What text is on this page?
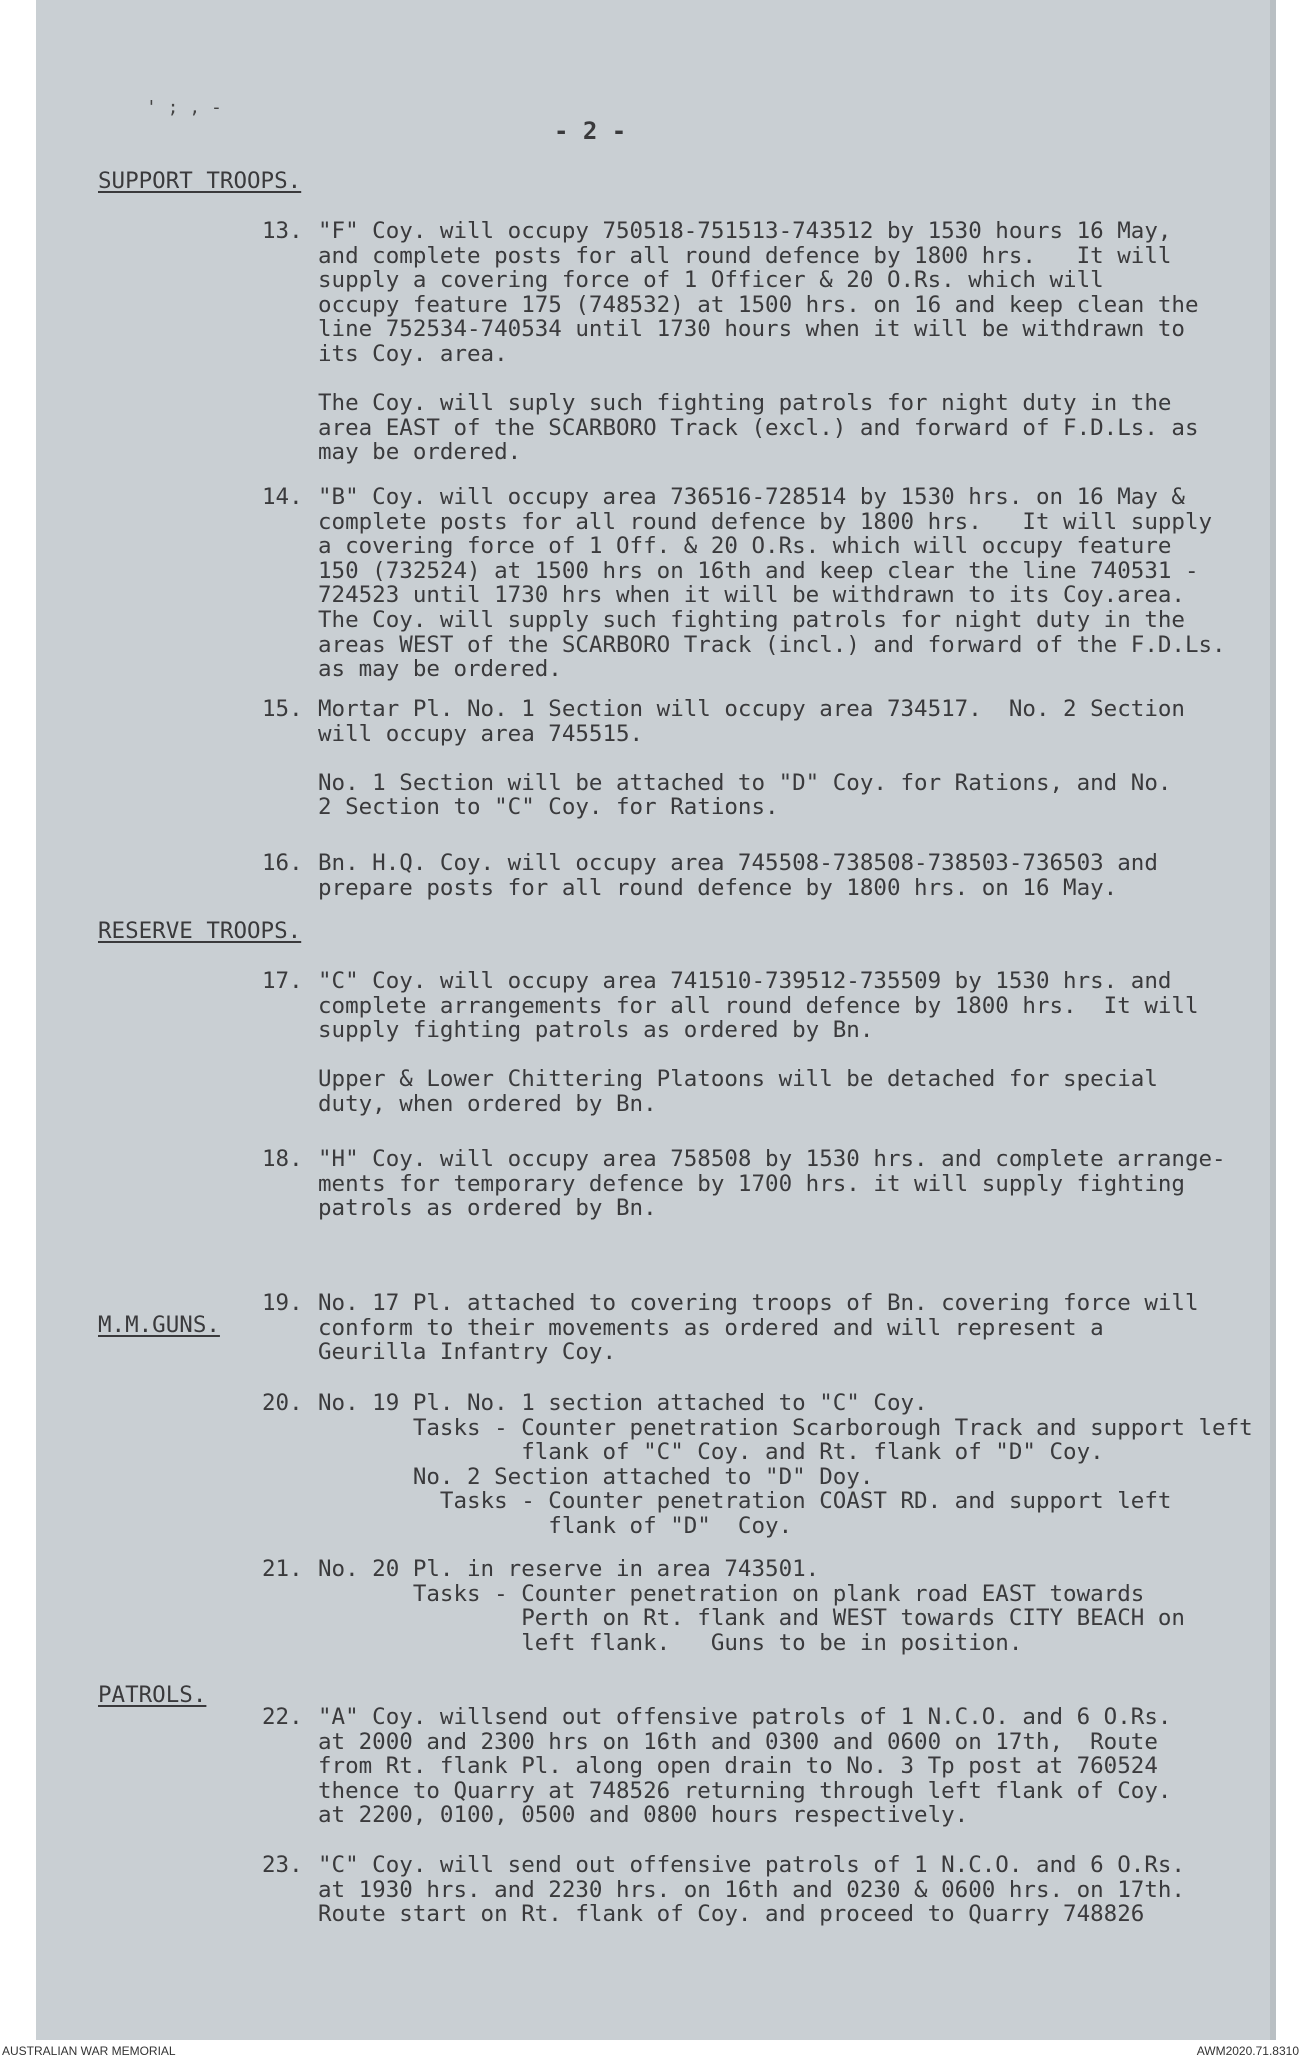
' ; , -
- 2 -
SUPPORT TROOPS.
13. "F" Coy. will occupy 750518-751513-743512 by 1530 hours 16 May,
and complete posts for all round defence by 1800 hrs.   It will
supply a covering force of 1 Officer & 20 O.Rs. which will
occupy feature 175 (748532) at 1500 hrs. on 16 and keep clean the
line 752534-740534 until 1730 hours when it will be withdrawn to
its Coy. area.
The Coy. will suply such fighting patrols for night duty in the
area EAST of the SCARBORO Track (excl.) and forward of F.D.Ls. as
may be ordered.
14. "B" Coy. will occupy area 736516-728514 by 1530 hrs. on 16 May &
complete posts for all round defence by 1800 hrs.   It will supply
a covering force of 1 Off. & 20 O.Rs. which will occupy feature
150 (732524) at 1500 hrs on 16th and keep clear the line 740531 -
724523 until 1730 hrs when it will be withdrawn to its Coy.area.
The Coy. will supply such fighting patrols for night duty in the
areas WEST of the SCARBORO Track (incl.) and forward of the F.D.Ls.
as may be ordered.
15. Mortar Pl. No. 1 Section will occupy area 734517.  No. 2 Section
will occupy area 745515.
No. 1 Section will be attached to "D" Coy. for Rations, and No.
2 Section to "C" Coy. for Rations.
16. Bn. H.Q. Coy. will occupy area 745508-738508-738503-736503 and
prepare posts for all round defence by 1800 hrs. on 16 May.
RESERVE TROOPS.
17. "C" Coy. will occupy area 741510-739512-735509 by 1530 hrs. and
complete arrangements for all round defence by 1800 hrs.  It will
supply fighting patrols as ordered by Bn.
Upper & Lower Chittering Platoons will be detached for special
duty, when ordered by Bn.
18. "H" Coy. will occupy area 758508 by 1530 hrs. and complete arrange-
ments for temporary defence by 1700 hrs. it will supply fighting
patrols as ordered by Bn.
M.M.GUNS.
19. No. 17 Pl. attached to covering troops of Bn. covering force will
conform to their movements as ordered and will represent a
Geurilla Infantry Coy.
20. No. 19 Pl. No. 1 section attached to "C" Coy.
Tasks - Counter penetration Scarborough Track and support left
flank of "C" Coy. and Rt. flank of "D" Coy.
No. 2 Section attached to "D" Doy.
Tasks - Counter penetration COAST RD. and support left
flank of "D"  Coy.
21. No. 20 Pl. in reserve in area 743501.
Tasks - Counter penetration on plank road EAST towards
Perth on Rt. flank and WEST towards CITY BEACH on
left flank.   Guns to be in position.
PATROLS.
22. "A" Coy. willsend out offensive patrols of 1 N.C.O. and 6 O.Rs.
at 2000 and 2300 hrs on 16th and 0300 and 0600 on 17th,  Route
from Rt. flank Pl. along open drain to No. 3 Tp post at 760524
thence to Quarry at 748526 returning through left flank of Coy.
at 2200, 0100, 0500 and 0800 hours respectively.
23. "C" Coy. will send out offensive patrols of 1 N.C.O. and 6 O.Rs.
at 1930 hrs. and 2230 hrs. on 16th and 0230 & 0600 hrs. on 17th.
Route start on Rt. flank of Coy. and proceed to Quarry 748826
AUSTRALIAN WAR MEMORIAL	AWM2020.71.8310
